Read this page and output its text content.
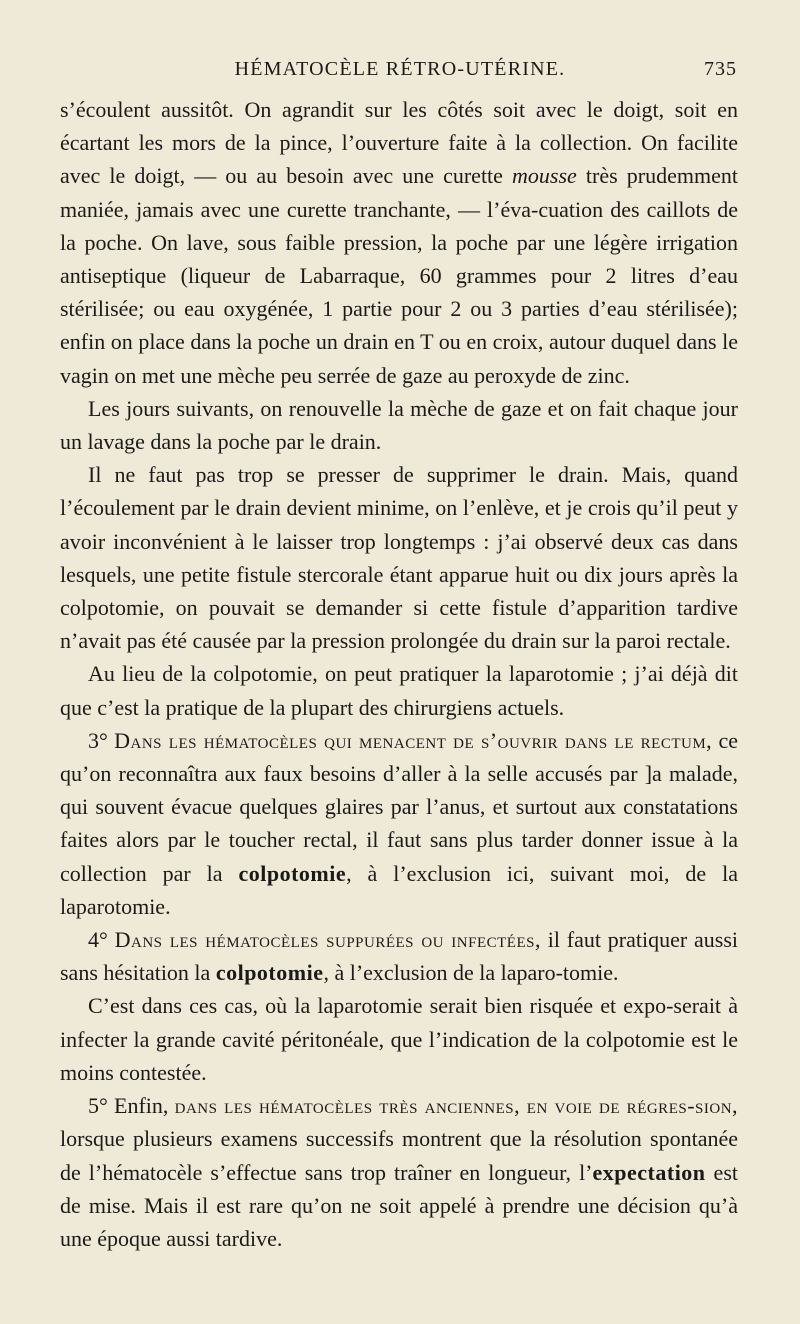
HÉMATOCÈLE RÉTRO-UTÉRINE.	735

s’écoulent aussitôt. On agrandit sur les côtés soit avec le doigt, soit en écartant les mors de la pince, l’ouverture faite à la collection. On facilite avec le doigt, — ou au besoin avec une curette mousse très prudemment maniée, jamais avec une curette tranchante, — l’éva-cuation des caillots de la poche. On lave, sous faible pression, la poche par une légère irrigation antiseptique (liqueur de Labarraque, 60 grammes pour 2 litres d’eau stérilisée; ou eau oxygénée, 1 partie pour 2 ou 3 parties d’eau stérilisée); enfin on place dans la poche un drain en T ou en croix, autour duquel dans le vagin on met une mèche peu serrée de gaze au peroxyde de zinc.

Les jours suivants, on renouvelle la mèche de gaze et on fait chaque jour un lavage dans la poche par le drain.

Il ne faut pas trop se presser de supprimer le drain. Mais, quand l’écoulement par le drain devient minime, on l’enlève, et je crois qu’il peut y avoir inconvénient à le laisser trop longtemps : j’ai observé deux cas dans lesquels, une petite fistule stercorale étant apparue huit ou dix jours après la colpotomie, on pouvait se demander si cette fistule d’apparition tardive n’avait pas été causée par la pression prolongée du drain sur la paroi rectale.

Au lieu de la colpotomie, on peut pratiquer la laparotomie ; j’ai déjà dit que c’est la pratique de la plupart des chirurgiens actuels.

3° Dans les hématocèles qui menacent de s’ouvrir dans le rectum, ce qu’on reconnaîtra aux faux besoins d’aller à la selle accusés par ]a malade, qui souvent évacue quelques glaires par l’anus, et surtout aux constatations faites alors par le toucher rectal, il faut sans plus tarder donner issue à la collection par la colpotomie, à l’exclusion ici, suivant moi, de la laparotomie.

4° Dans les hématocèles suppurées ou infectées, il faut pratiquer aussi sans hésitation la colpotomie, à l’exclusion de la laparo-tomie.

C’est dans ces cas, où la laparotomie serait bien risquée et expo-serait à infecter la grande cavité péritonéale, que l’indication de la colpotomie est le moins contestée.

5° Enfin, dans les hématocèles très anciennes, en voie de régres-sion, lorsque plusieurs examens successifs montrent que la résolution spontanée de l’hématocèle s’effectue sans trop traîner en longueur, l’expectation est de mise. Mais il est rare qu’on ne soit appelé à prendre une décision qu’à une époque aussi tardive.
